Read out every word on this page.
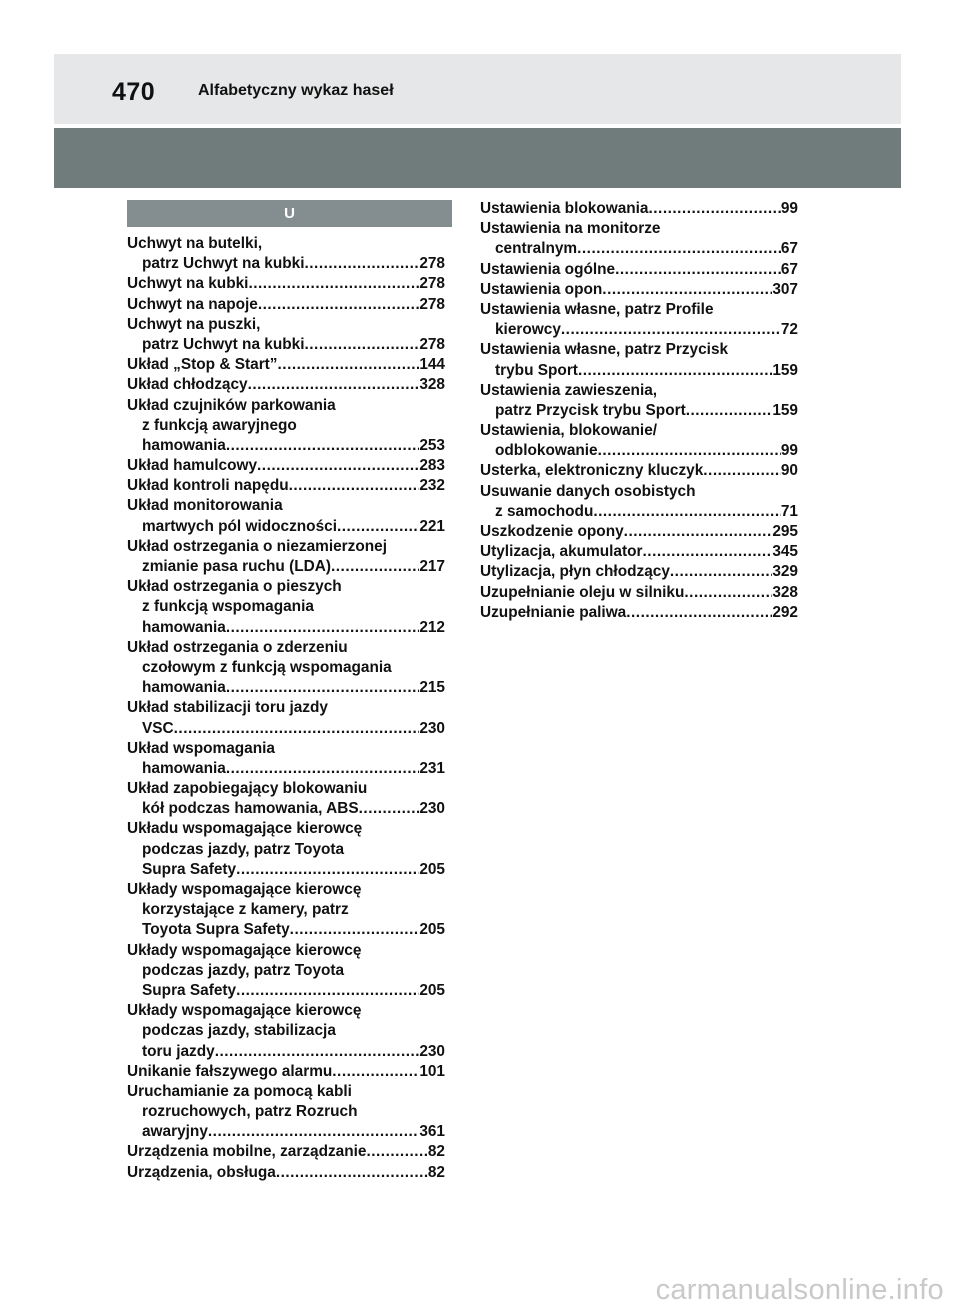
470	Alfabetyczny wykaz haseł
U
Uchwyt na butelki,
patrz Uchwyt na kubki .....	278
Uchwyt na kubki .....	278
Uchwyt na napoje .....	278
Uchwyt na puszki,
patrz Uchwyt na kubki .....	278
Układ „Stop & Start” .....	144
Układ chłodzący .....	328
Układ czujników parkowania
z funkcją awaryjnego
hamowania .....	253
Układ hamulcowy .....	283
Układ kontroli napędu .....	232
Układ monitorowania
martwych pól widoczności .....	221
Układ ostrzegania o niezamierzonej
zmianie pasa ruchu (LDA) .....	217
Układ ostrzegania o pieszych
z funkcją wspomagania
hamowania .....	212
Układ ostrzegania o zderzeniu
czołowym z funkcją wspomagania
hamowania .....	215
Układ stabilizacji toru jazdy
VSC .....	230
Układ wspomagania
hamowania .....	231
Układ zapobiegający blokowaniu
kół podczas hamowania, ABS .....	230
Układu wspomagające kierowcę
podczas jazdy, patrz Toyota
Supra Safety .....	205
Układy wspomagające kierowcę
korzystające z kamery, patrz
Toyota Supra Safety .....	205
Układy wspomagające kierowcę
podczas jazdy, patrz Toyota
Supra Safety .....	205
Układy wspomagające kierowcę
podczas jazdy, stabilizacja
toru jazdy .....	230
Unikanie fałszywego alarmu .....	101
Uruchamianie za pomocą kabli
rozruchowych, patrz Rozruch
awaryjny .....	361
Urządzenia mobilne, zarządzanie .....	82
Urządzenia, obsługa .....	82
Ustawienia blokowania .....	99
Ustawienia na monitorze
centralnym .....	67
Ustawienia ogólne .....	67
Ustawienia opon .....	307
Ustawienia własne, patrz Profile
kierowcy .....	72
Ustawienia własne, patrz Przycisk
trybu Sport .....	159
Ustawienia zawieszenia,
patrz Przycisk trybu Sport .....	159
Ustawienia, blokowanie/
odblokowanie .....	99
Usterka, elektroniczny kluczyk .....	90
Usuwanie danych osobistych
z samochodu .....	71
Uszkodzenie opony .....	295
Utylizacja, akumulator .....	345
Utylizacja, płyn chłodzący .....	329
Uzupełnianie oleju w silniku .....	328
Uzupełnianie paliwa .....	292
carmanualsonline.info
